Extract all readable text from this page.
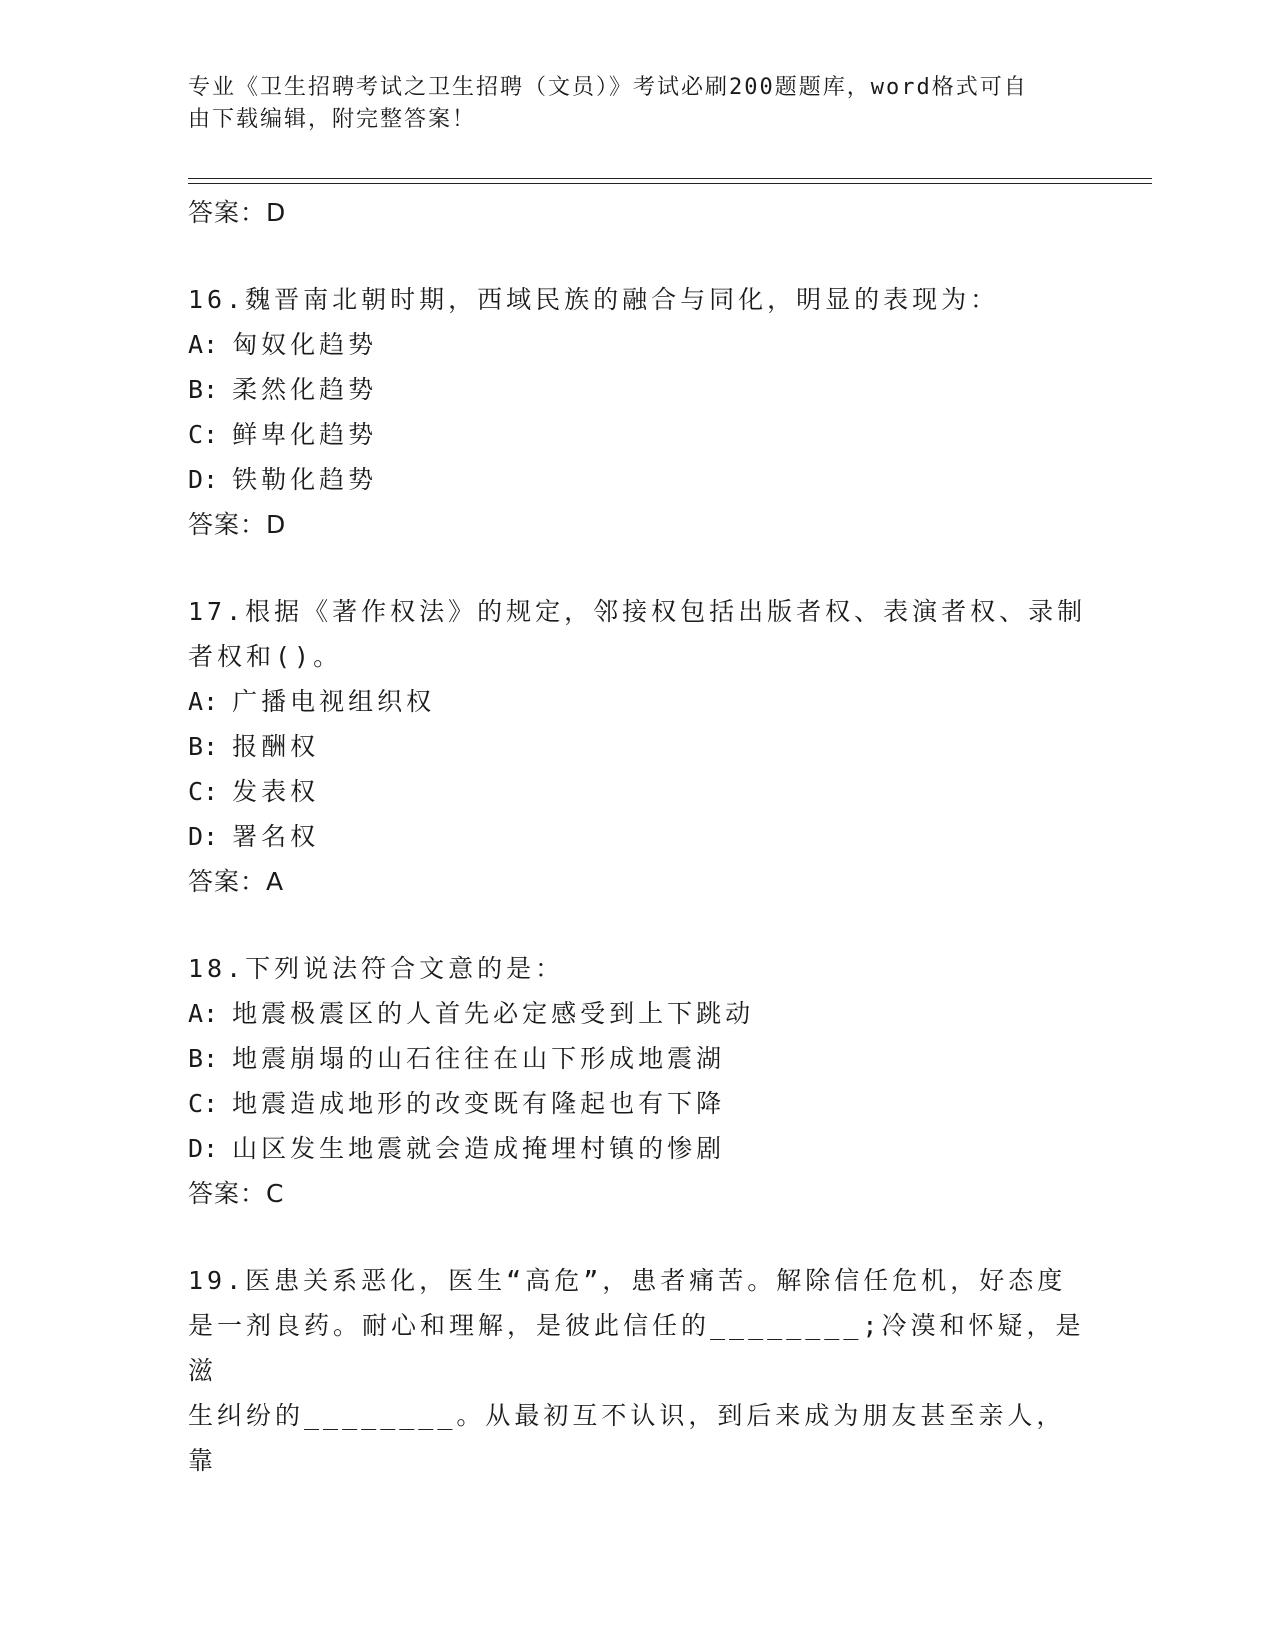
专业《卫生招聘考试之卫生招聘（文员）》考试必刷200题题库，word格式可自
由下载编辑，附完整答案！
答案：D
16.魏晋南北朝时期，西域民族的融合与同化，明显的表现为：
A: 匈奴化趋势
B: 柔然化趋势
C: 鲜卑化趋势
D: 铁勒化趋势
答案：D
17.根据《著作权法》的规定，邻接权包括出版者权、表演者权、录制
者权和()。
A: 广播电视组织权
B: 报酬权
C: 发表权
D: 署名权
答案：A
18.下列说法符合文意的是：
A: 地震极震区的人首先必定感受到上下跳动
B: 地震崩塌的山石往往在山下形成地震湖
C: 地震造成地形的改变既有隆起也有下降
D: 山区发生地震就会造成掩埋村镇的惨剧
答案：C
19.医患关系恶化，医生“高危”，患者痛苦。解除信任危机，好态度
是一剂良药。耐心和理解，是彼此信任的________;冷漠和怀疑，是滋
生纠纷的________。从最初互不认识，到后来成为朋友甚至亲人，靠
